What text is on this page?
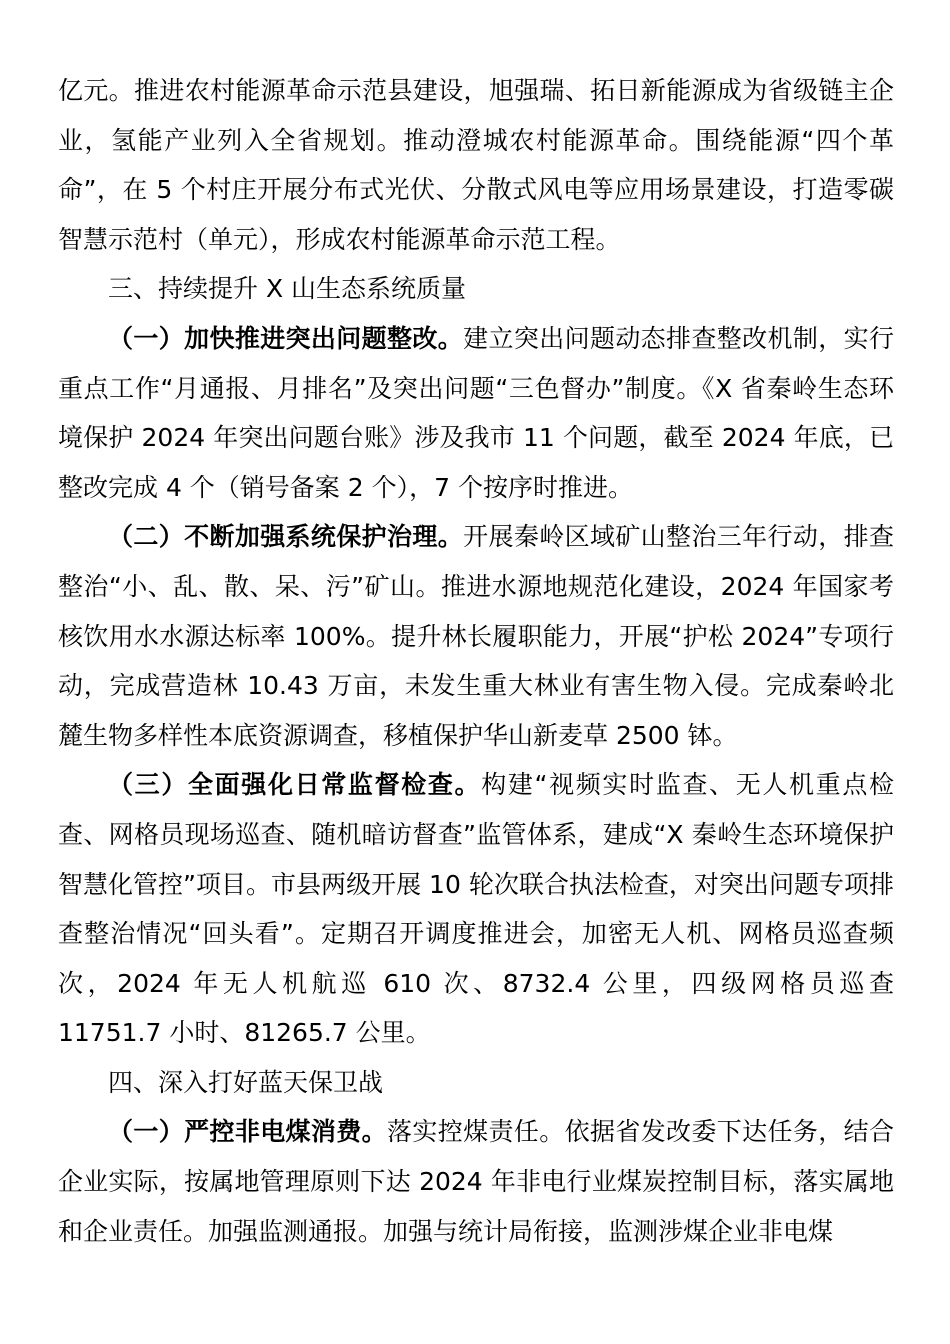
亿元。推进农村能源革命示范县建设，旭强瑞、拓日新能源成为省级链主企业，氢能产业列入全省规划。推动澄城农村能源革命。围绕能源“四个革命”，在 5 个村庄开展分布式光伏、分散式风电等应用场景建设，打造零碳智慧示范村（单元），形成农村能源革命示范工程。

三、持续提升 X 山生态系统质量

（一）加快推进突出问题整改。建立突出问题动态排查整改机制，实行重点工作“月通报、月排名”及突出问题“三色督办”制度。《X 省秦岭生态环境保护 2024 年突出问题台账》涉及我市 11 个问题，截至 2024 年底，已整改完成 4 个（销号备案 2 个），7 个按序时推进。

（二）不断加强系统保护治理。开展秦岭区域矿山整治三年行动，排查整治“小、乱、散、呆、污”矿山。推进水源地规范化建设，2024 年国家考核饮用水水源达标率 100%。提升林长履职能力，开展“护松 2024”专项行动，完成营造林 10.43 万亩，未发生重大林业有害生物入侵。完成秦岭北麓生物多样性本底资源调查，移植保护华山新麦草 2500 钵。

（三）全面强化日常监督检查。构建“视频实时监查、无人机重点检查、网格员现场巡查、随机暗访督查”监管体系，建成“X 秦岭生态环境保护智慧化管控”项目。市县两级开展 10 轮次联合执法检查，对突出问题专项排查整治情况“回头看”。定期召开调度推进会，加密无人机、网格员巡查频次，2024 年无人机航巡 610 次、8732.4 公里，四级网格员巡查 11751.7 小时、81265.7 公里。

四、深入打好蓝天保卫战

（一）严控非电煤消费。落实控煤责任。依据省发改委下达任务，结合企业实际，按属地管理原则下达 2024 年非电行业煤炭控制目标，落实属地和企业责任。加强监测通报。加强与统计局衔接，监测涉煤企业非电煤
